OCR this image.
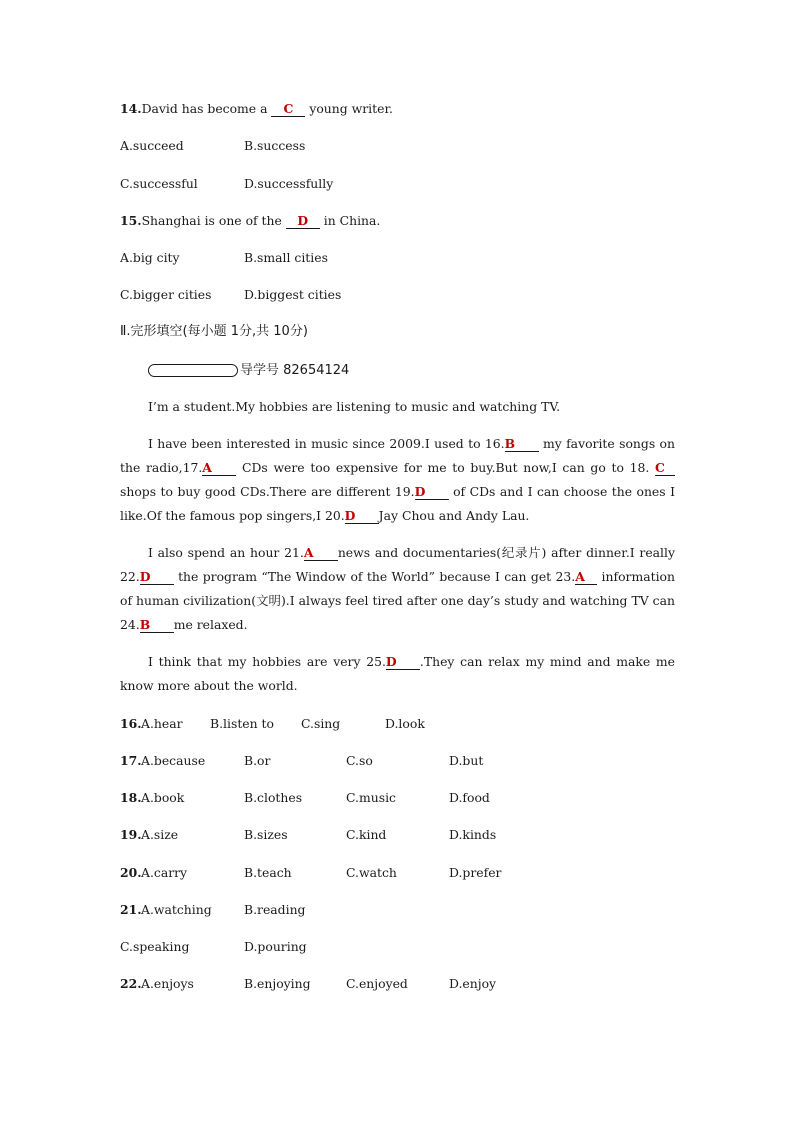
14.David has become a C young writer.
A.succeed	B.success
C.successful	D.successfully
15.Shanghai is one of the D in China.
A.big city	B.small cities
C.bigger cities	D.biggest cities
Ⅱ.完形填空(每小题 1分,共 10分)
导学号 82654124
I’m a student.My hobbies are listening to music and watching TV.
I have been interested in music since 2009.I used to 16.B my favorite songs on the radio,17.A CDs were too expensive for me to buy.But now,I can go to 18. C shops to buy good CDs.There are different 19.D of CDs and I can choose the ones I like.Of the famous pop singers,I 20.D Jay Chou and Andy Lau.
I also spend an hour 21.A news and documentaries(纪录片) after dinner.I really 22.D the program “The Window of the World” because I can get 23.A information of human civilization(文明).I always feel tired after one day’s study and watching TV can 24.B me relaxed.
I think that my hobbies are very 25.D .They can relax my mind and make me know more about the world.
16. A.hear B.listen to C.sing	D.look
17. A.because	B.or	C.so	D.but
18. A.book	B.clothes	C.music	D.food
19. A.size	B.sizes	C.kind	D.kinds
20. A.carry	B.teach	C.watch	D.prefer
21. A.watching	B.reading
C.speaking	D.pouring
22. A.enjoys	B.enjoying	C.enjoyed	D.enjoy
